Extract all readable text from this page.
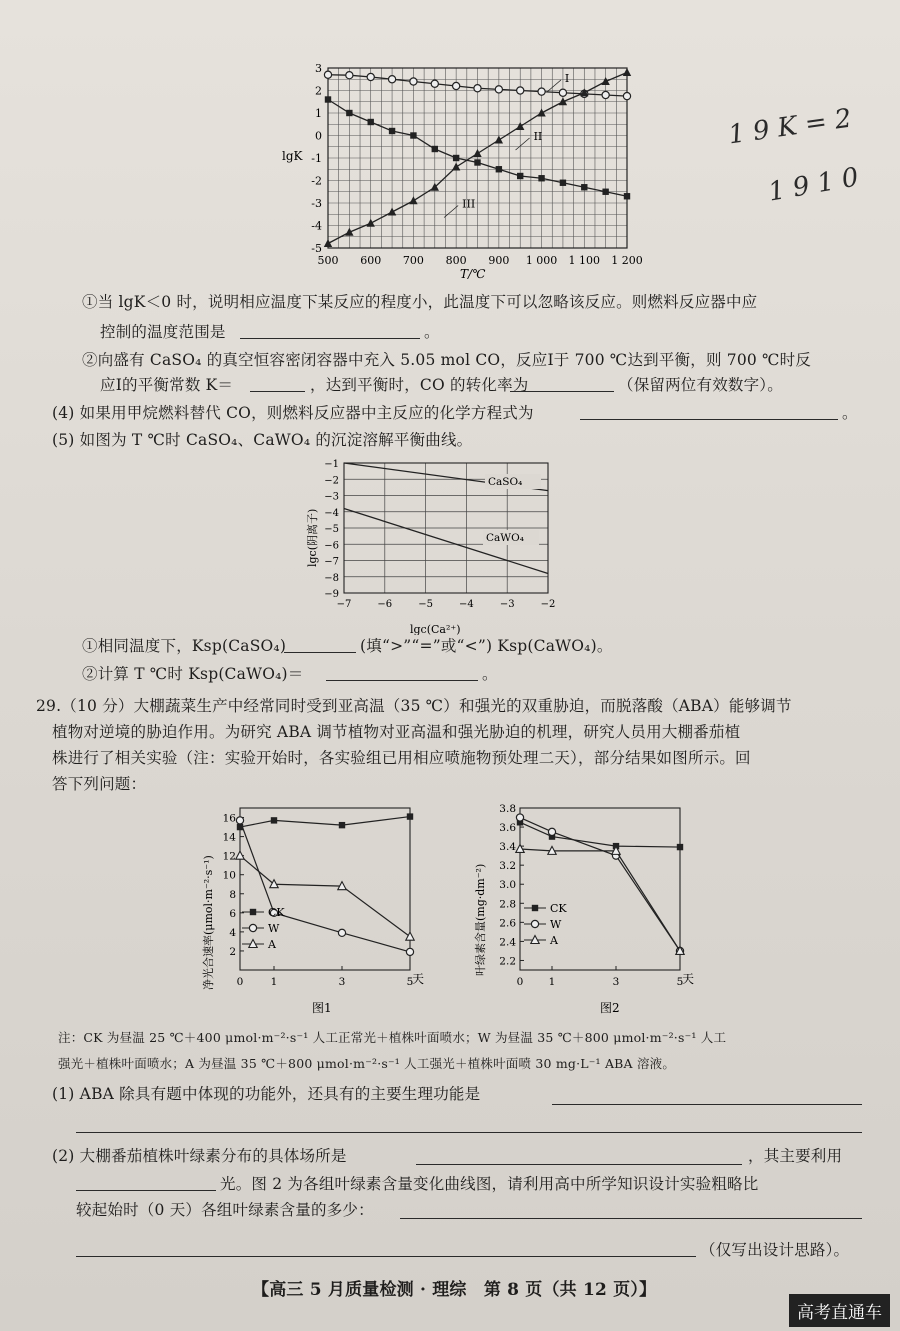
3
2
1
0
-1
-2
-3
-4
-5
500 600 700 800 900 1 000 1 100 1 200
I
II
III
lgK
T/℃
1 9 K = 2
1 9 1 0
①当 lgK＜0 时，说明相应温度下某反应的程度小，此温度下可以忽略该反应。则燃料反应器中应
控制的温度范围是	。
②向盛有 CaSO₄ 的真空恒容密闭容器中充入 5.05 mol CO，反应Ⅰ于 700 ℃达到平衡，则 700 ℃时反
应Ⅰ的平衡常数 K＝	，达到平衡时，CO 的转化率为	（保留两位有效数字）。
(4) 如果用甲烷燃料替代 CO，则燃料反应器中主反应的化学方程式为	。
(5) 如图为 T ℃时 CaSO₄、CaWO₄ 的沉淀溶解平衡曲线。
−1
−2
−3
−4
−5
−6
−7
−8
−9
−7	−6	−5	−4	−3	−2
CaSO₄
CaWO₄
lgc(阴离子)
lgc(Ca²⁺)
①相同温度下，Ksp(CaSO₄)	(填“>”“=”或“<”) Ksp(CaWO₄)。
②计算 T ℃时 Ksp(CaWO₄)＝	。
29.（10 分）大棚蔬菜生产中经常同时受到亚高温（35 ℃）和强光的双重胁迫，而脱落酸（ABA）能够调节
植物对逆境的胁迫作用。为研究 ABA 调节植物对亚高温和强光胁迫的机理，研究人员用大棚番茄植
株进行了相关实验（注：实验开始时，各实验组已用相应喷施物预处理二天），部分结果如图所示。回
答下列问题：
16
14
12
10
8
6
4
2
0	1	3	5
CK
W
A
净光合速率(μmol·m⁻²·s⁻¹)	天
图1
3.8
3.6
3.4
3.2
3.0
2.8
2.6
2.4
2.2
0 1	3	5
CK
W
A
叶绿素含量(mg·dm⁻²)
天
图2
注：CK 为昼温 25 ℃＋400 μmol·m⁻²·s⁻¹ 人工正常光＋植株叶面喷水；W 为昼温 35 ℃＋800 μmol·m⁻²·s⁻¹ 人工
强光＋植株叶面喷水；A 为昼温 35 ℃＋800 μmol·m⁻²·s⁻¹ 人工强光＋植株叶面喷 30 mg·L⁻¹ ABA 溶液。
(1) ABA 除具有题中体现的功能外，还具有的主要生理功能是
(2) 大棚番茄植株叶绿素分布的具体场所是	，其主要利用
光。图 2 为各组叶绿素含量变化曲线图，请利用高中所学知识设计实验粗略比
较起始时（0 天）各组叶绿素含量的多少：
（仅写出设计思路）。
【高三 5 月质量检测 · 理综　第 8 页（共 12 页）】
高考直通车
